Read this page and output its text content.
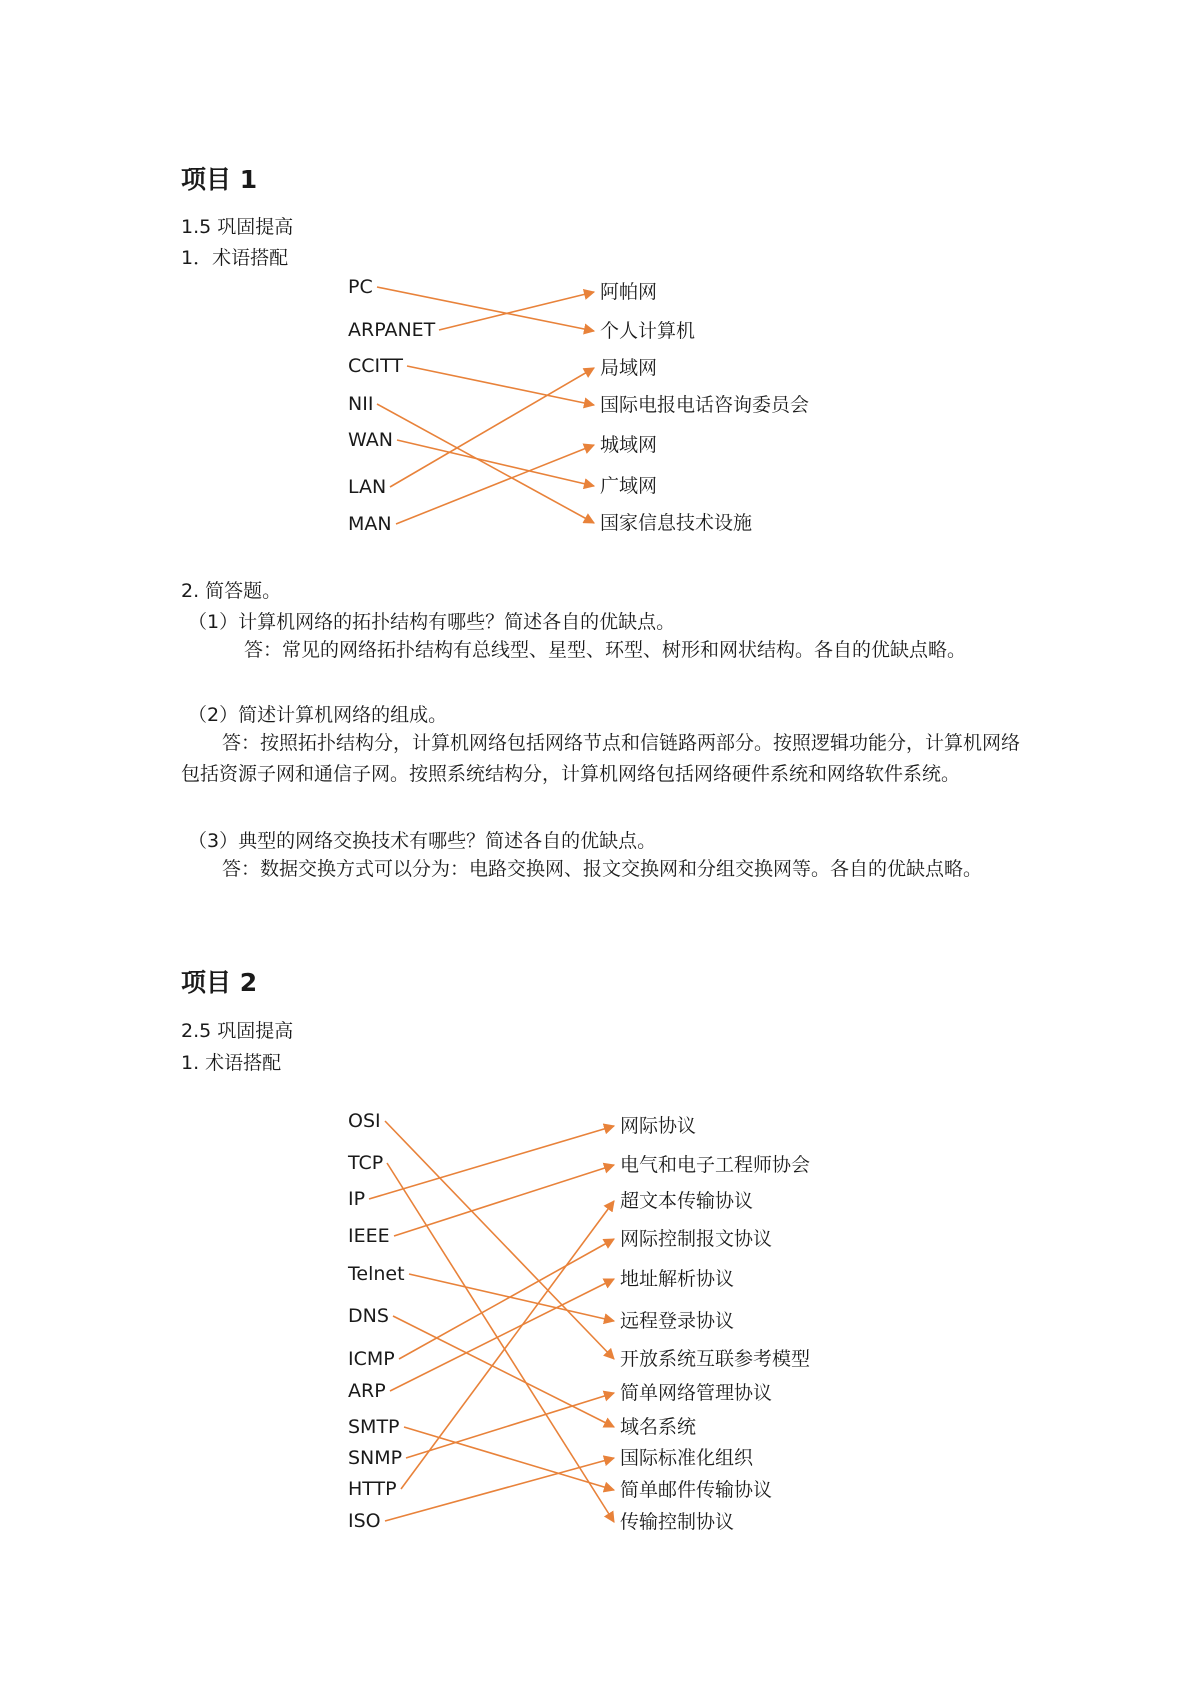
项目 1
1.5 巩固提高
1．术语搭配
PC
ARPANET
CCITT
NII
WAN
LAN
MAN
阿帕网
个人计算机
局域网
国际电报电话咨询委员会
城域网
广域网
国家信息技术设施
2. 简答题。
（1）计算机网络的拓扑结构有哪些？简述各自的优缺点。
答：常见的网络拓扑结构有总线型、星型、环型、树形和网状结构。各自的优缺点略。
（2）简述计算机网络的组成。
答：按照拓扑结构分，计算机网络包括网络节点和信链路两部分。按照逻辑功能分，计算机网络包括资源子网和通信子网。按照系统结构分，计算机网络包括网络硬件系统和网络软件系统。
（3）典型的网络交换技术有哪些？简述各自的优缺点。
答：数据交换方式可以分为：电路交换网、报文交换网和分组交换网等。各自的优缺点略。
项目 2
2.5 巩固提高
1. 术语搭配
OSI
TCP
IP
IEEE
Telnet
DNS
ICMP
ARP
SMTP
SNMP
HTTP
ISO
网际协议
电气和电子工程师协会
超文本传输协议
网际控制报文协议
地址解析协议
远程登录协议
开放系统互联参考模型
简单网络管理协议
域名系统
国际标准化组织
简单邮件传输协议
传输控制协议
